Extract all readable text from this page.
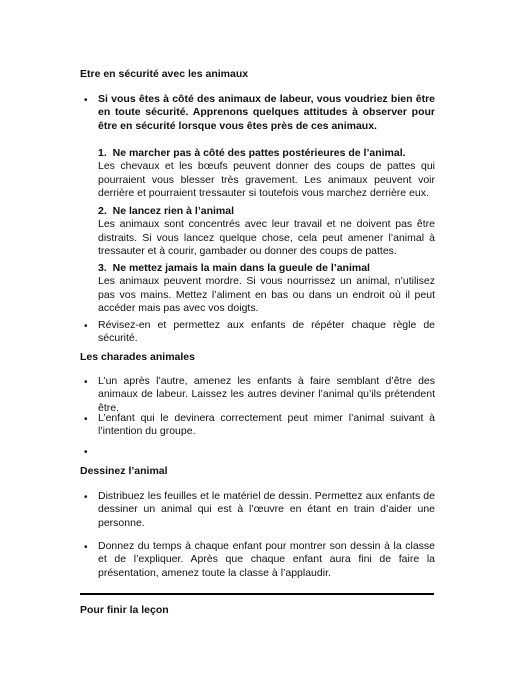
Etre en sécurité avec les animaux
• Si vous êtes à côté des animaux de labeur, vous voudriez bien être en toute sécurité. Apprenons quelques attitudes à observer pour être en sécurité lorsque vous êtes près de ces animaux.
1. Ne marcher pas à côté des pattes postérieures de l’animal.
Les chevaux et les bœufs peuvent donner des coups de pattes qui pourraient vous blesser très gravement. Les animaux peuvent voir derrière et pourraient tressauter si toutefois vous marchez derrière eux.
2. Ne lancez rien à l’animal
Les animaux sont concentrés avec leur travail et ne doivent pas être distraits. Si vous lancez quelque chose, cela peut amener l’animal à tressauter et à courir, gambader ou donner des coups de pattes.
3. Ne mettez jamais la main dans la gueule de l’animal
Les animaux peuvent mordre. Si vous nourrissez un animal, n’utilisez pas vos mains. Mettez l’aliment en bas ou dans un endroit où il peut accéder mais pas avec vos doigts.
• Révisez-en et permettez aux enfants de répéter chaque règle de sécurité.
Les charades animales
• L’un après l’autre, amenez les enfants à faire semblant d’être des animaux de labeur. Laissez les autres deviner l’animal qu’ils prétendent être.
• L’enfant qui le devinera correctement peut mimer l’animal suivant à l’intention du groupe.
•
Dessinez l’animal
• Distribuez les feuilles et le matériel de dessin. Permettez aux enfants de dessiner un animal qui est à l’œuvre en étant en train d’aider une personne.
• Donnez du temps à chaque enfant pour montrer son dessin à la classe et de l’expliquer. Après que chaque enfant aura fini de faire la présentation, amenez toute la classe à l’applaudir.
Pour finir la leçon
